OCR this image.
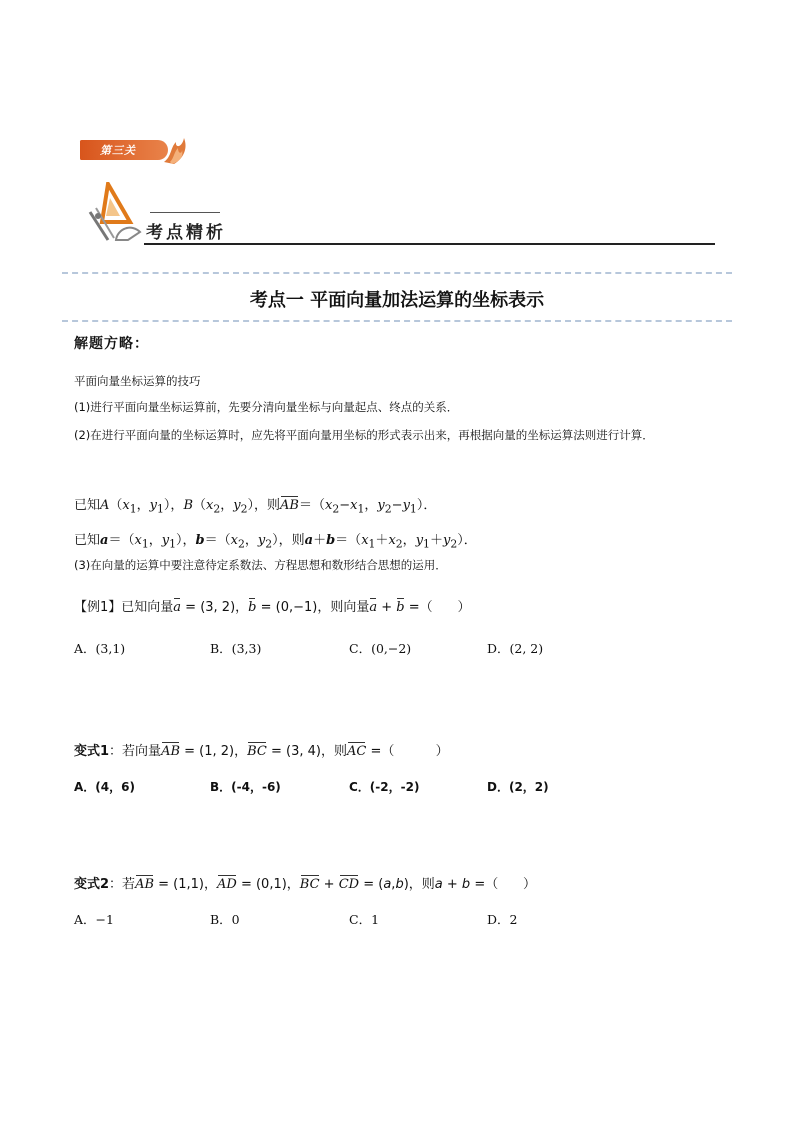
第三关
考点精析
考点一 平面向量加法运算的坐标表示
解题方略：
平面向量坐标运算的技巧
(1)进行平面向量坐标运算前，先要分清向量坐标与向量起点、终点的关系．
(2)在进行平面向量的坐标运算时，应先将平面向量用坐标的形式表示出来，再根据向量的坐标运算法则进行计算．
已知$A(x_1$，$y_1$），$B(x_2$，$y_2$），则$AB=(x_2-x_1$，$y_2-y_1$）．
已知$a=(x_1$，$y_1$），$b=(x_2$，$y_2$），则$a+b=(x_1+x_2$，$y_1+y_2$）．
(3)在向量的运算中要注意待定系数法、方程思想和数形结合思想的运用．
【例1】已知向量a = (3, 2)，b = (0,−1)，则向量a + b =（      ）
A．(3,1)	B．(3,3)	C．(0,−2)	D．(2, 2)
变式1：若向量AB = (1, 2)，BC = (3, 4)，则AC =（          ）
A．(4，6)	B．(-4，-6)	C．(-2，-2)	D．(2，2)
变式2：若AB = (1,1)，AD = (0,1)，BC + CD = (a,b)，则a + b =（      ）
A．−1	B．0	C．1	D．2
